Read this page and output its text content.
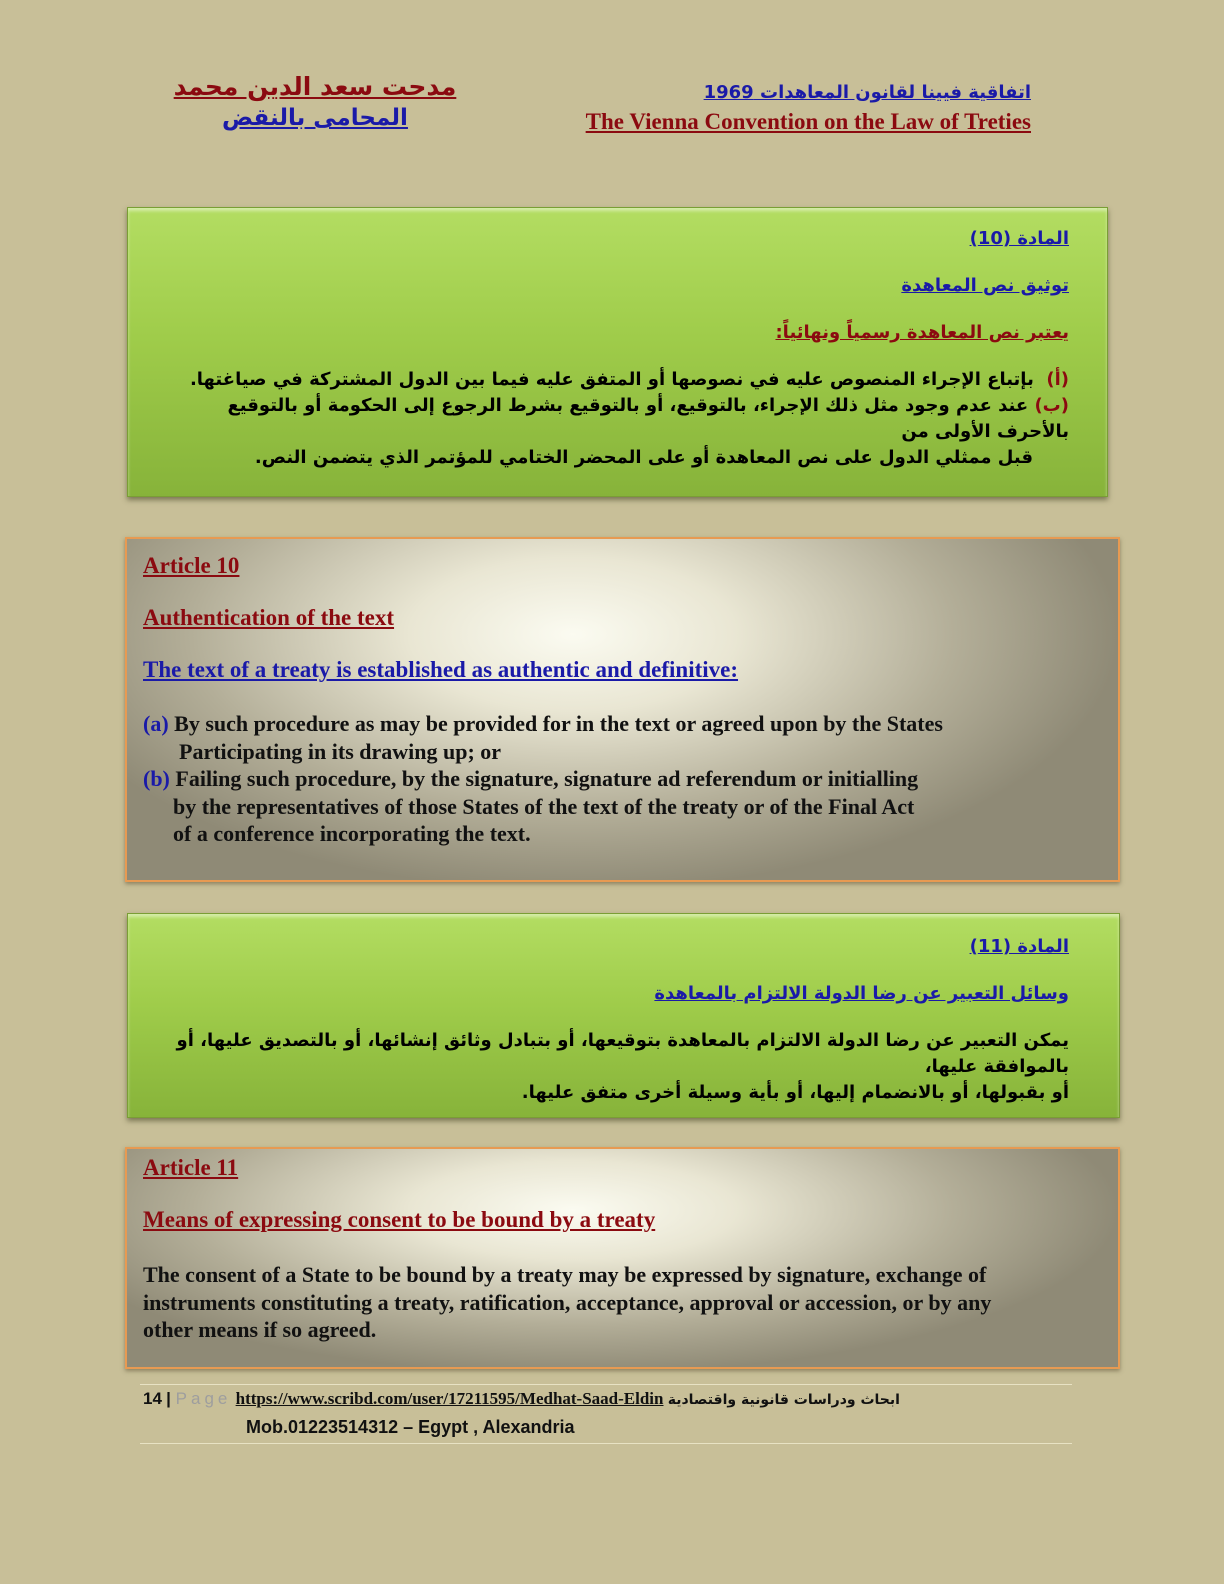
مدحت سعد الدين محمد
المحامى بالنقض
اتفاقية فيينا لقانون المعاهدات 1969
The Vienna Convention on the Law of Treties
المادة (10)
توثيق نص المعاهدة
يعتبر نص المعاهدة رسمياً ونهائياً:
(أ)  بإتباع الإجراء المنصوص عليه في نصوصها أو المتفق عليه فيما بين الدول المشتركة في صياغتها.
(ب) عند عدم وجود مثل ذلك الإجراء، بالتوقيع، أو بالتوقيع بشرط الرجوع إلى الحكومة أو بالتوقيع بالأحرف الأولى من
قبل ممثلي الدول على نص المعاهدة أو على المحضر الختامي للمؤتمر الذي يتضمن النص.
Article 10
Authentication of the text
The text of a treaty is established as authentic and definitive:
(a) By such procedure as may be provided for in the text or agreed upon by the States
Participating in its drawing up; or
(b) Failing such procedure, by the signature, signature ad referendum or initialling
by the representatives of those States of the text of the treaty or of the Final Act
of a conference incorporating the text.
المادة (11)
وسائل التعبير عن رضا الدولة الالتزام بالمعاهدة
يمكن التعبير عن رضا الدولة الالتزام بالمعاهدة بتوقيعها، أو بتبادل وثائق إنشائها، أو بالتصديق عليها، أو بالموافقة عليها،
أو بقبولها، أو بالانضمام إليها، أو بأية وسيلة أخرى متفق عليها.
Article 11
Means of expressing consent to be bound by a treaty
The consent of a State to be bound by a treaty may be expressed by signature, exchange of
instruments constituting a treaty, ratification, acceptance, approval or accession, or by any
other means if so agreed.
14 | Page https://www.scribd.com/user/17211595/Medhat-Saad-Eldin ابحاث ودراسات قانونية واقتصادية
Mob.01223514312 – Egypt , Alexandria
